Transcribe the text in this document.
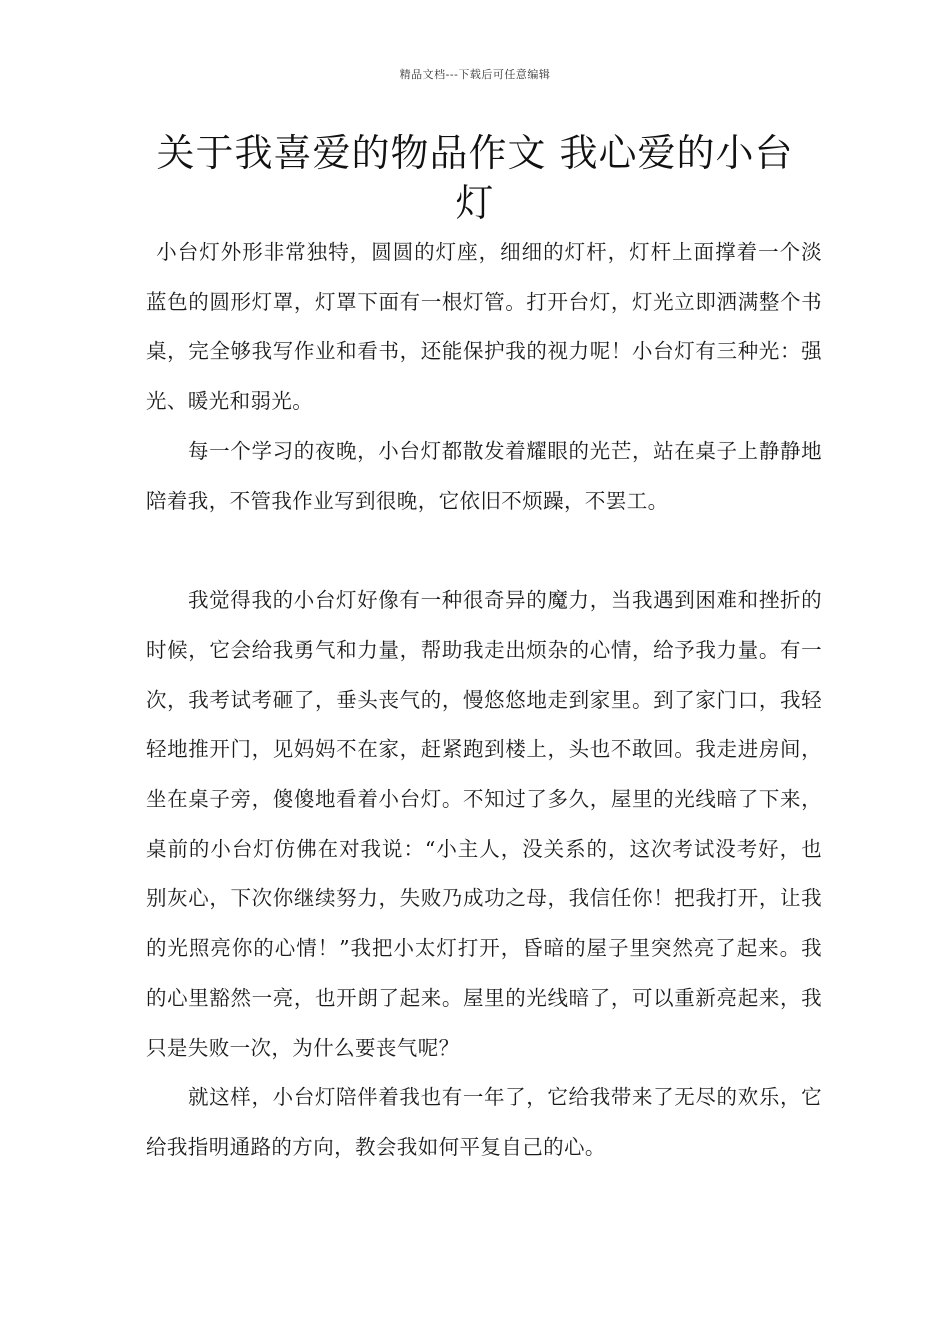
精品文档---下载后可任意编辑
关于我喜爱的物品作文 我心爱的小台灯

小台灯外形非常独特，圆圆的灯座，细细的灯杆，灯杆上面撑着一个淡蓝色的圆形灯罩，灯罩下面有一根灯管。打开台灯，灯光立即洒满整个书桌，完全够我写作业和看书，还能保护我的视力呢！小台灯有三种光：强光、暖光和弱光。

每一个学习的夜晚，小台灯都散发着耀眼的光芒，站在桌子上静静地陪着我，不管我作业写到很晚，它依旧不烦躁，不罢工。

我觉得我的小台灯好像有一种很奇异的魔力，当我遇到困难和挫折的时候，它会给我勇气和力量，帮助我走出烦杂的心情，给予我力量。有一次，我考试考砸了，垂头丧气的，慢悠悠地走到家里。到了家门口，我轻轻地推开门，见妈妈不在家，赶紧跑到楼上，头也不敢回。我走进房间，坐在桌子旁，傻傻地看着小台灯。不知过了多久，屋里的光线暗了下来，桌前的小台灯仿佛在对我说：“小主人，没关系的，这次考试没考好，也别灰心，下次你继续努力，失败乃成功之母，我信任你！把我打开，让我的光照亮你的心情！”我把小太灯打开，昏暗的屋子里突然亮了起来。我的心里豁然一亮，也开朗了起来。屋里的光线暗了，可以重新亮起来，我只是失败一次，为什么要丧气呢？

就这样，小台灯陪伴着我也有一年了，它给我带来了无尽的欢乐，它给我指明通路的方向，教会我如何平复自己的心。
